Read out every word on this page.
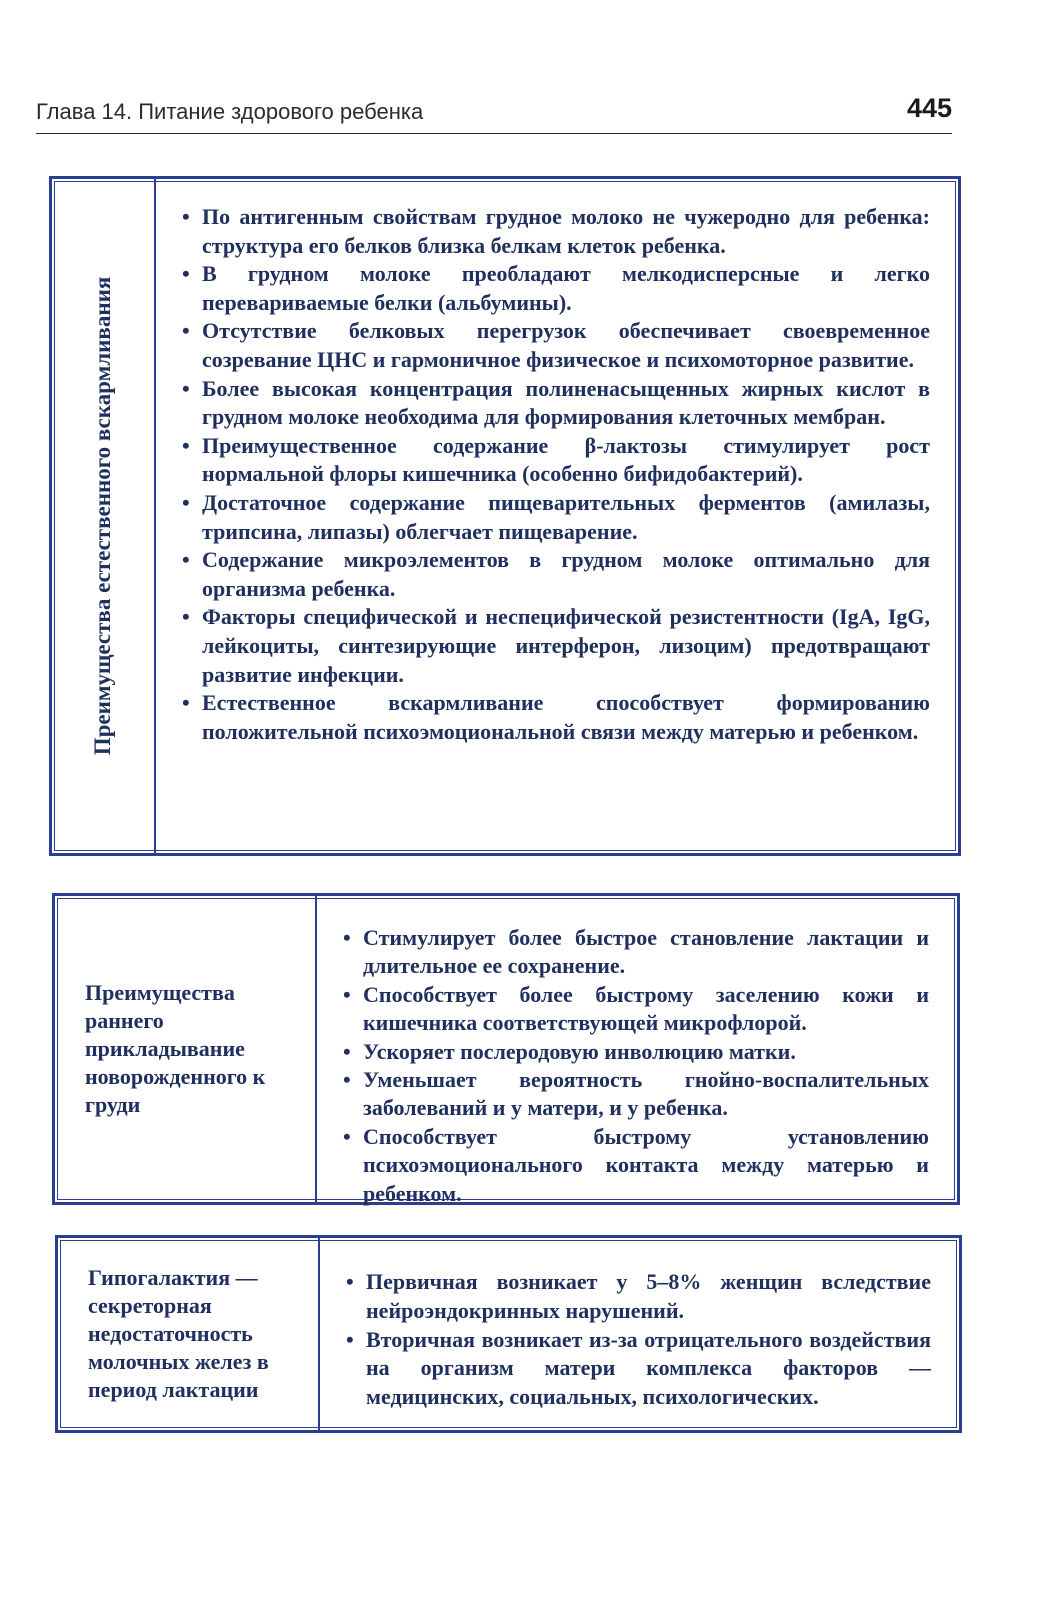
Глава 14. Питание здорового ребенка	445
Преимущества естественного вскармливания
• По антигенным свойствам грудное молоко не чужеродно для ребенка: структура его белков близка белкам клеток ребенка.
• В грудном молоке преобладают мелкодисперсные и легко перевариваемые белки (альбумины).
• Отсутствие белковых перегрузок обеспечивает своевременное созревание ЦНС и гармоничное физическое и психомоторное развитие.
• Более высокая концентрация полиненасыщенных жирных кислот в грудном молоке необходима для формирования клеточных мембран.
• Преимущественное содержание β-лактозы стимулирует рост нормальной флоры кишечника (особенно бифидобактерий).
• Достаточное содержание пищеварительных ферментов (амилазы, трипсина, липазы) облегчает пищеварение.
• Содержание микроэлементов в грудном молоке оптимально для организма ребенка.
• Факторы специфической и неспецифической резистентности (IgA, IgG, лейкоциты, синтезирующие интерферон, лизоцим) предотвращают развитие инфекции.
• Естественное вскармливание способствует формированию положительной психоэмоциональной связи между матерью и ребенком.
Преимущества раннего прикладывание новорожденного к груди
• Стимулирует более быстрое становление лактации и длительное ее сохранение.
• Способствует более быстрому заселению кожи и кишечника соответствующей микрофлорой.
• Ускоряет послеродовую инволюцию матки.
• Уменьшает вероятность гнойно-воспалительных заболеваний и у матери, и у ребенка.
• Способствует быстрому установлению психоэмоционального контакта между матерью и ребенком.
Гипогалактия — секреторная недостаточность молочных желез в период лактации
• Первичная возникает у 5–8% женщин вследствие нейроэндокринных нарушений.
• Вторичная возникает из-за отрицательного воздействия на организм матери комплекса факторов — медицинских, социальных, психологических.
